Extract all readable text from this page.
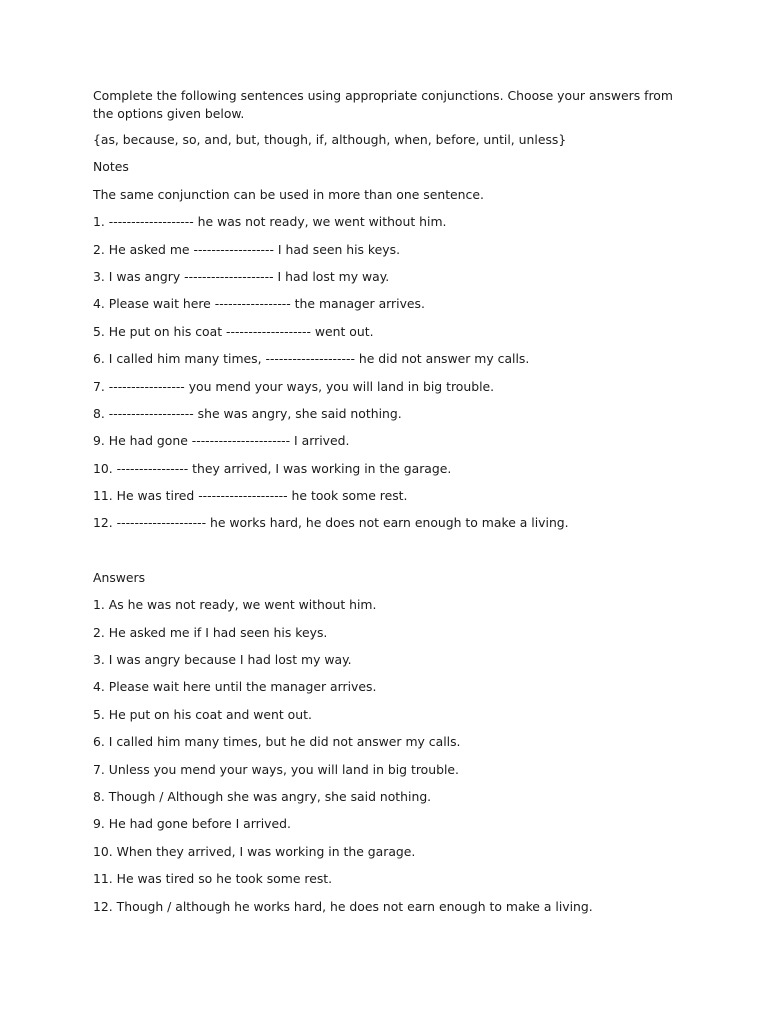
Complete the following sentences using appropriate conjunctions. Choose your answers from the options given below.

{as, because, so, and, but, though, if, although, when, before, until, unless}

Notes

The same conjunction can be used in more than one sentence.

1. ------------------- he was not ready, we went without him.
2. He asked me ------------------ I had seen his keys.
3. I was angry -------------------- I had lost my way.
4. Please wait here ----------------- the manager arrives.
5. He put on his coat ------------------- went out.
6. I called him many times, -------------------- he did not answer my calls.
7. ----------------- you mend your ways, you will land in big trouble.
8. ------------------- she was angry, she said nothing.
9. He had gone ---------------------- I arrived.
10. ---------------- they arrived, I was working in the garage.
11. He was tired -------------------- he took some rest.
12. -------------------- he works hard, he does not earn enough to make a living.

Answers

1. As he was not ready, we went without him.
2. He asked me if I had seen his keys.
3. I was angry because I had lost my way.
4. Please wait here until the manager arrives.
5. He put on his coat and went out.
6. I called him many times, but he did not answer my calls.
7. Unless you mend your ways, you will land in big trouble.
8. Though / Although she was angry, she said nothing.
9. He had gone before I arrived.
10. When they arrived, I was working in the garage.
11. He was tired so he took some rest.
12. Though / although he works hard, he does not earn enough to make a living.
